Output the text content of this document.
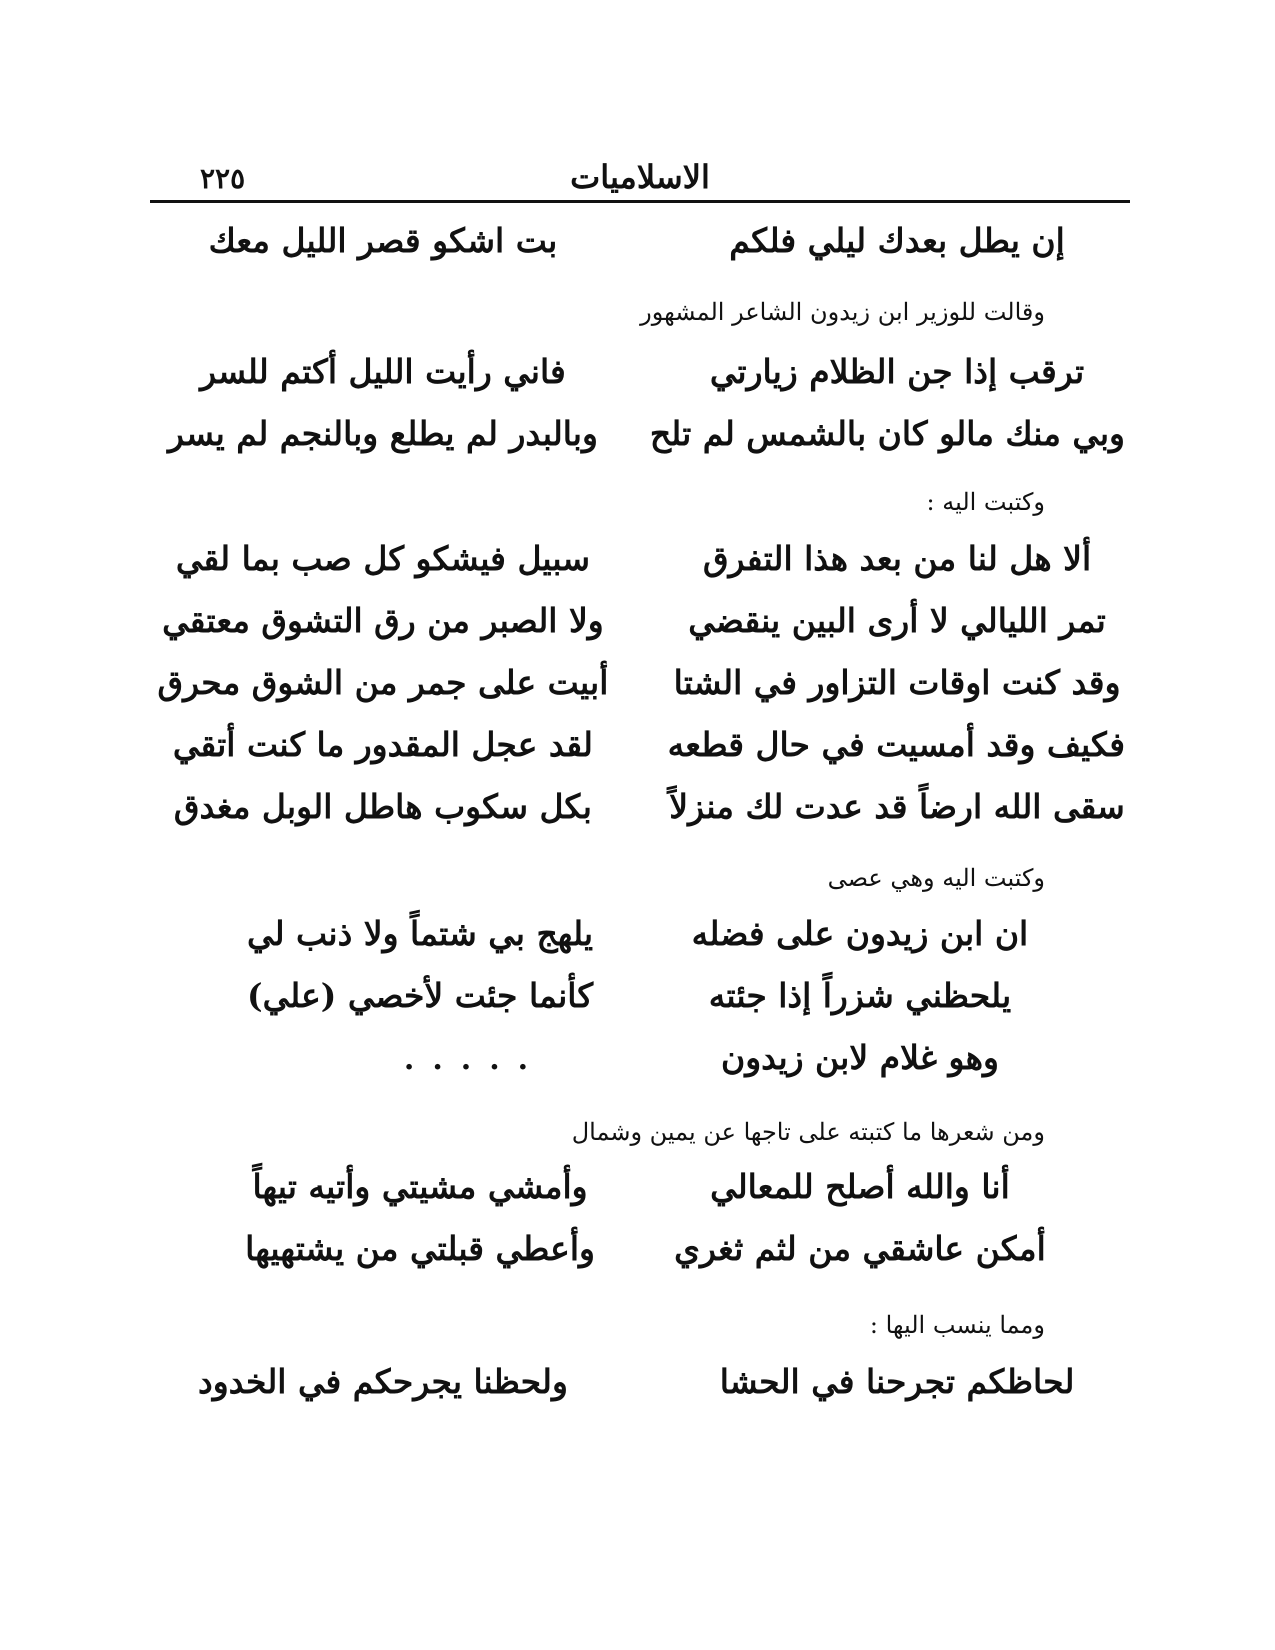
٢٢٥	الاسلاميات
إن يطل بعدك ليلي فلكم
بت اشكو قصر الليل معك
وقالت للوزير ابن زيدون الشاعر المشهور
ترقب إذا جن الظلام زيارتي
فاني رأيت الليل أكتم للسر
وبي منك مالو كان بالشمس لم تلح
وبالبدر لم يطلع وبالنجم لم يسر
وكتبت اليه :
ألا هل لنا من بعد هذا التفرق
سبيل فيشكو كل صب بما لقي
تمر الليالي لا أرى البين ينقضي
ولا الصبر من رق التشوق معتقي
وقد كنت اوقات التزاور في الشتا
أبيت على جمر من الشوق محرق
فكيف وقد أمسيت في حال قطعه
لقد عجل المقدور ما كنت أتقي
سقى الله ارضاً قد عدت لك منزلاً
بكل سكوب هاطل الوبل مغدق
وكتبت اليه وهي عصى
ان ابن زيدون على فضله
يلهج بي شتماً ولا ذنب لي
يلحظني شزراً إذا جئته
كأنما جئت لأخصي (علي)
وهو غلام لابن زيدون
.....
ومن شعرها ما كتبته على تاجها عن يمين وشمال
أنا والله أصلح للمعالي
وأمشي مشيتي وأتيه تيهاً
أمكن عاشقي من لثم ثغري
وأعطي قبلتي من يشتهيها
ومما ينسب اليها :
لحاظكم تجرحنا في الحشا
ولحظنا يجرحكم في الخدود
